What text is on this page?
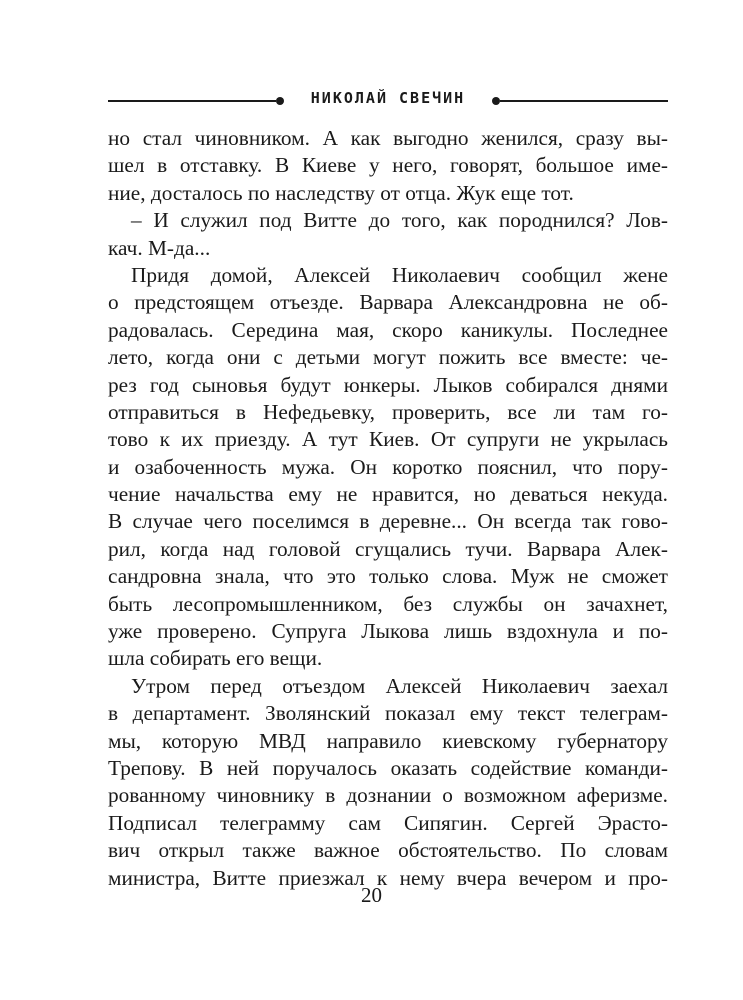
НИКОЛАЙ СВЕЧИН
но стал чиновником. А как выгодно женился, сразу вы-
шел в отставку. В Киеве у него, говорят, большое име-
ние, досталось по наследству от отца. Жук еще тот.
– И служил под Витте до того, как породнился? Лов-
кач. М-да...
Придя домой, Алексей Николаевич сообщил жене
о предстоящем отъезде. Варвара Александровна не об-
радовалась. Середина мая, скоро каникулы. Последнее
лето, когда они с детьми могут пожить все вместе: че-
рез год сыновья будут юнкеры. Лыков собирался днями
отправиться в Нефедьевку, проверить, все ли там го-
тово к их приезду. А тут Киев. От супруги не укрылась
и озабоченность мужа. Он коротко пояснил, что пору-
чение начальства ему не нравится, но деваться некуда.
В случае чего поселимся в деревне... Он всегда так гово-
рил, когда над головой сгущались тучи. Варвара Алек-
сандровна знала, что это только слова. Муж не сможет
быть лесопромышленником, без службы он зачахнет,
уже проверено. Супруга Лыкова лишь вздохнула и по-
шла собирать его вещи.
Утром перед отъездом Алексей Николаевич заехал
в департамент. Зволянский показал ему текст телеграм-
мы, которую МВД направило киевскому губернатору
Трепову. В ней поручалось оказать содействие команди-
рованному чиновнику в дознании о возможном аферизме.
Подписал телеграмму сам Сипягин. Сергей Эрасто-
вич открыл также важное обстоятельство. По словам
министра, Витте приезжал к нему вчера вечером и про-
20
